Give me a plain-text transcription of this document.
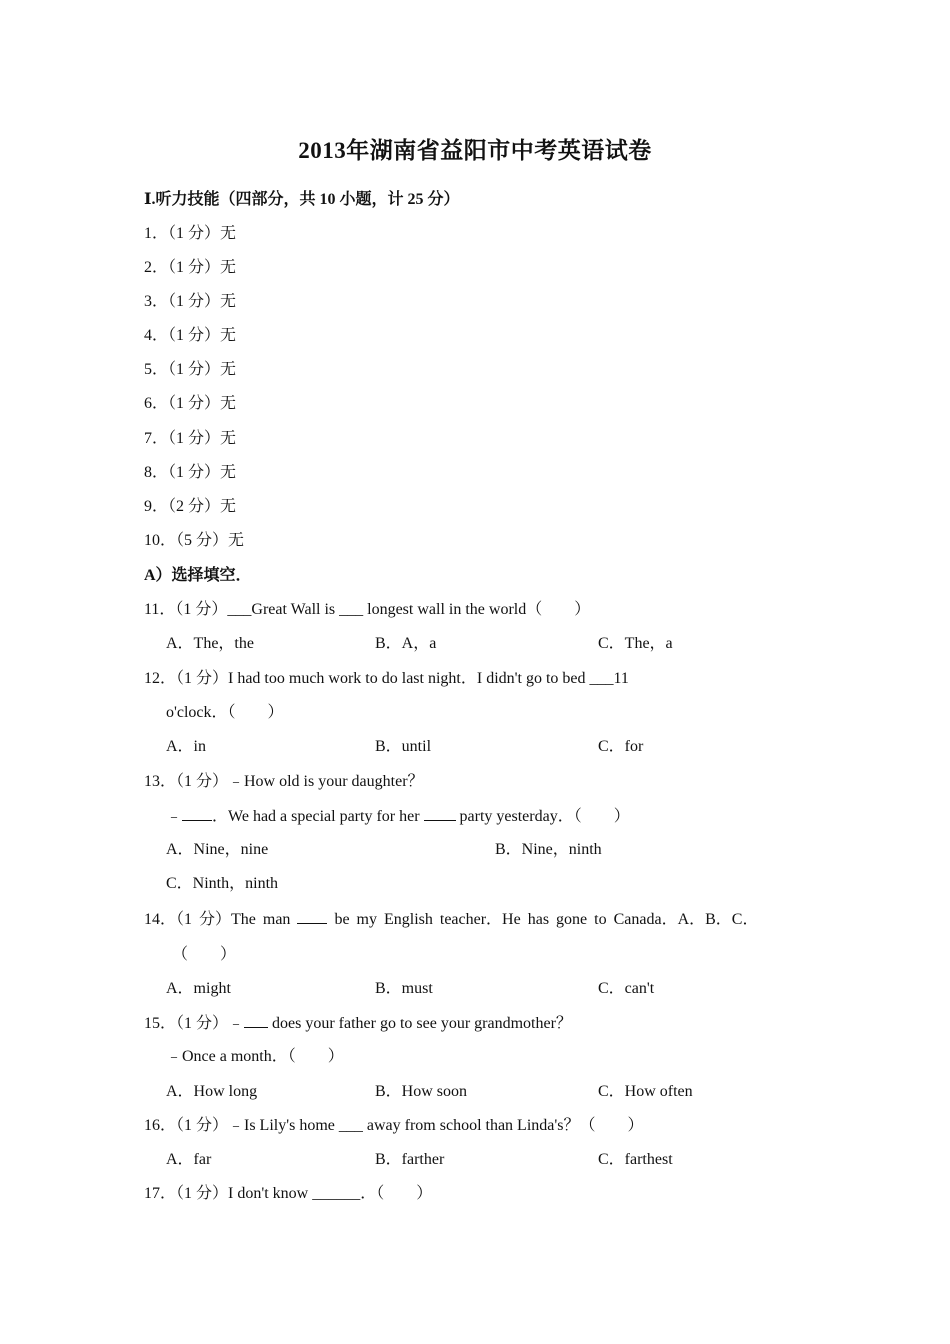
2013年湖南省益阳市中考英语试卷
Ⅰ.听力技能（四部分，共 10 小题，计 25 分）
1．（1 分）无
2．（1 分）无
3．（1 分）无
4．（1 分）无
5．（1 分）无
6．（1 分）无
7．（1 分）无
8．（1 分）无
9．（2 分）无
10．（5 分）无
A）选择填空．
11．（1 分）___Great Wall is ___ longest wall in the world（　　）
A．The，the	B．A，a	C．The，a
12．（1 分）I had too much work to do last night．I didn't go to bed ___11
o'clock．（　　）
A．in	B．until	C．for
13．（1 分）﹣How old is your daughter？
﹣ ．We had a special party for her	party yesterday．（　　）
A．Nine，nine	B．Nine，ninth
C．Ninth，ninth
14．（1 分）The man	be my English teacher．He has gone to Canada．A．B．C．
（　　）
A．might	B．must	C．can't
15．（1 分）﹣ does your father go to see your grandmother？
﹣Once a month．（　　）
A．How long	B．How soon	C．How often
16．（1 分）﹣Is Lily's home ___ away from school than Linda's？（　　）
A．far	B．farther	C．farthest
17．（1 分）I don't know ______．（　　）
